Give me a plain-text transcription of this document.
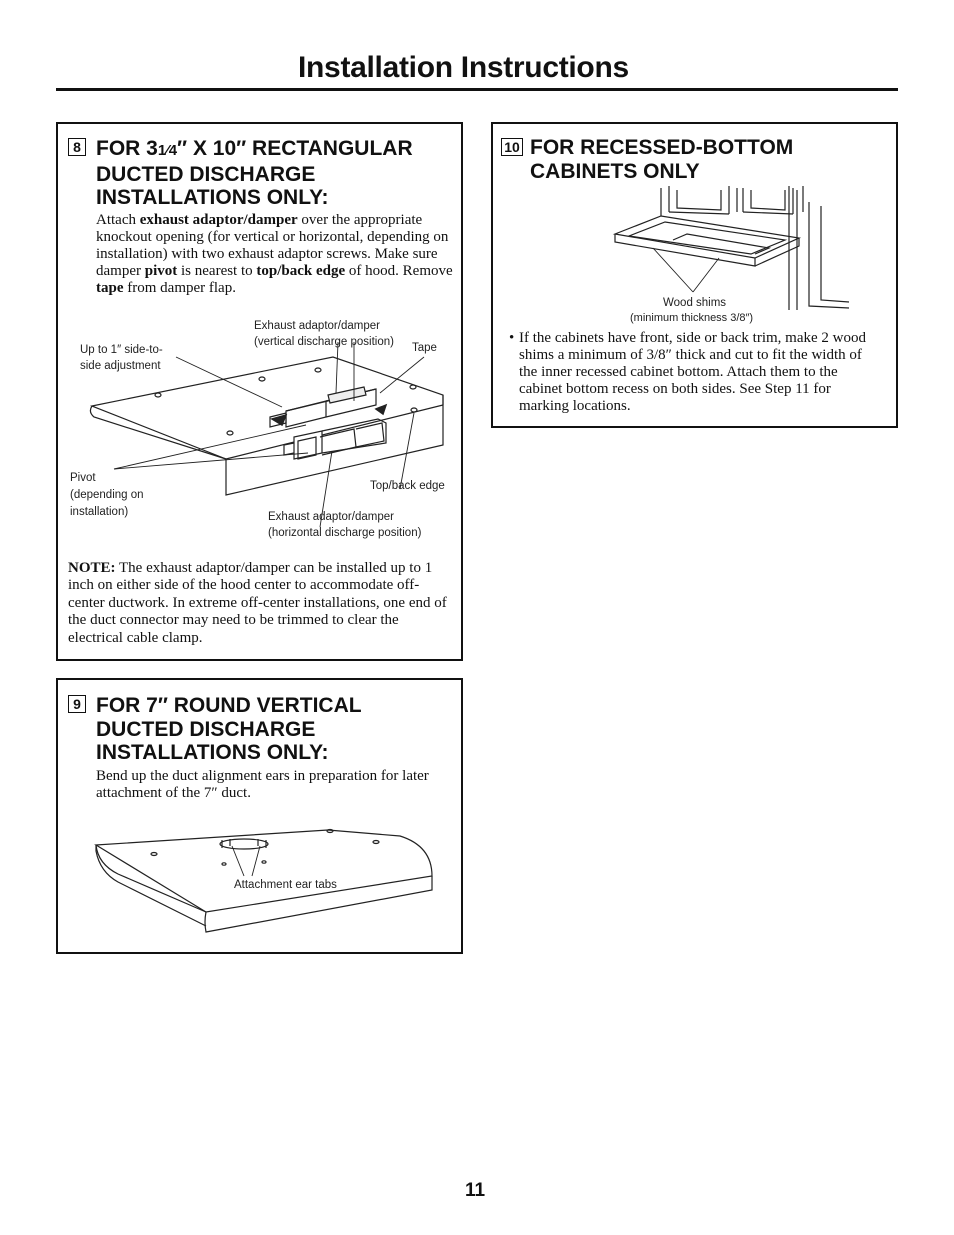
Installation Instructions
8 FOR 31⁄4″ X 10″ RECTANGULAR
DUCTED DISCHARGE
INSTALLATIONS ONLY:

Attach exhaust adaptor/damper over the appropriate knockout opening (for vertical or horizontal, depending on installation) with two exhaust adaptor screws. Make sure damper pivot is nearest to top/back edge of hood. Remove tape from damper flap.

Up to 1″ side-to-
side adjustment
Exhaust adaptor/damper
(vertical discharge position) Tape
Pivot
(depending on
installation)
Top/back edge
Exhaust adaptor/damper
(horizontal discharge position)

NOTE: The exhaust adaptor/damper can be installed up to 1 inch on either side of the hood center to accommodate off-center ductwork. In extreme off-center installations, one end of the duct connector may need to be trimmed to clear the electrical cable clamp.

9 FOR 7″ ROUND VERTICAL
DUCTED DISCHARGE
INSTALLATIONS ONLY:

Bend up the duct alignment ears in preparation for later attachment of the 7″ duct.

Attachment ear tabs
10 FOR RECESSED-BOTTOM
CABINETS ONLY
Wood shims
(minimum thickness 3/8″)
• If the cabinets have front, side or back trim, make 2 wood shims a minimum of 3/8″ thick and cut to fit the width of the inner recessed cabinet bottom. Attach them to the cabinet bottom recess on both sides. See Step 11 for marking locations.

11
